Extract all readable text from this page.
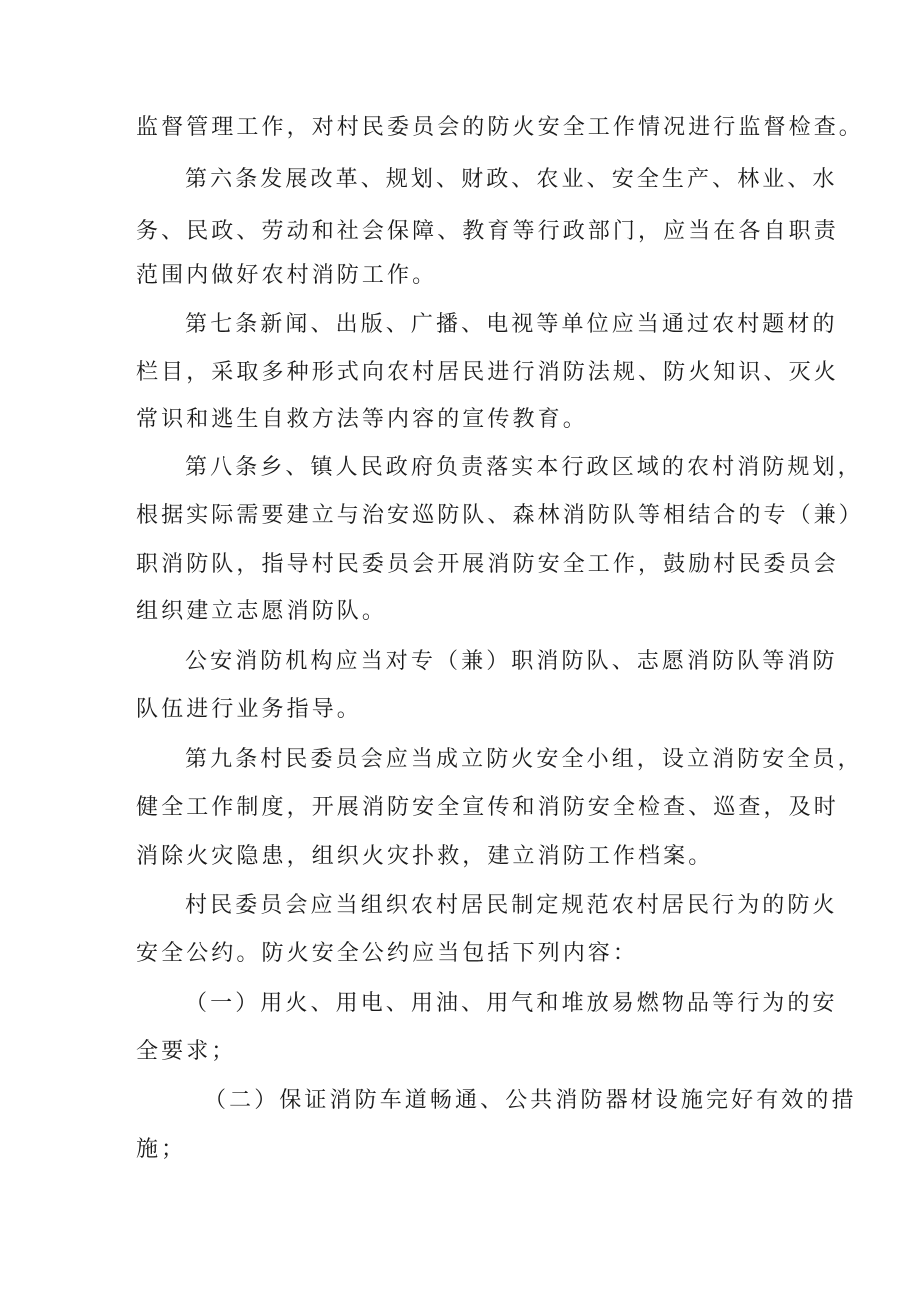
监督管理工作，对村民委员会的防火安全工作情况进行监督检查。
第六条发展改革、规划、财政、农业、安全生产、林业、水
务、民政、劳动和社会保障、教育等行政部门，应当在各自职责
范围内做好农村消防工作。
第七条新闻、出版、广播、电视等单位应当通过农村题材的
栏目，采取多种形式向农村居民进行消防法规、防火知识、灭火
常识和逃生自救方法等内容的宣传教育。
第八条乡、镇人民政府负责落实本行政区域的农村消防规划，
根据实际需要建立与治安巡防队、森林消防队等相结合的专（兼）
职消防队，指导村民委员会开展消防安全工作，鼓励村民委员会
组织建立志愿消防队。
公安消防机构应当对专（兼）职消防队、志愿消防队等消防
队伍进行业务指导。
第九条村民委员会应当成立防火安全小组，设立消防安全员，
健全工作制度，开展消防安全宣传和消防安全检查、巡查，及时
消除火灾隐患，组织火灾扑救，建立消防工作档案。
村民委员会应当组织农村居民制定规范农村居民行为的防火
安全公约。防火安全公约应当包括下列内容：
（一）用火、用电、用油、用气和堆放易燃物品等行为的安
全要求；
（二）保证消防车道畅通、公共消防器材设施完好有效的措
施；
